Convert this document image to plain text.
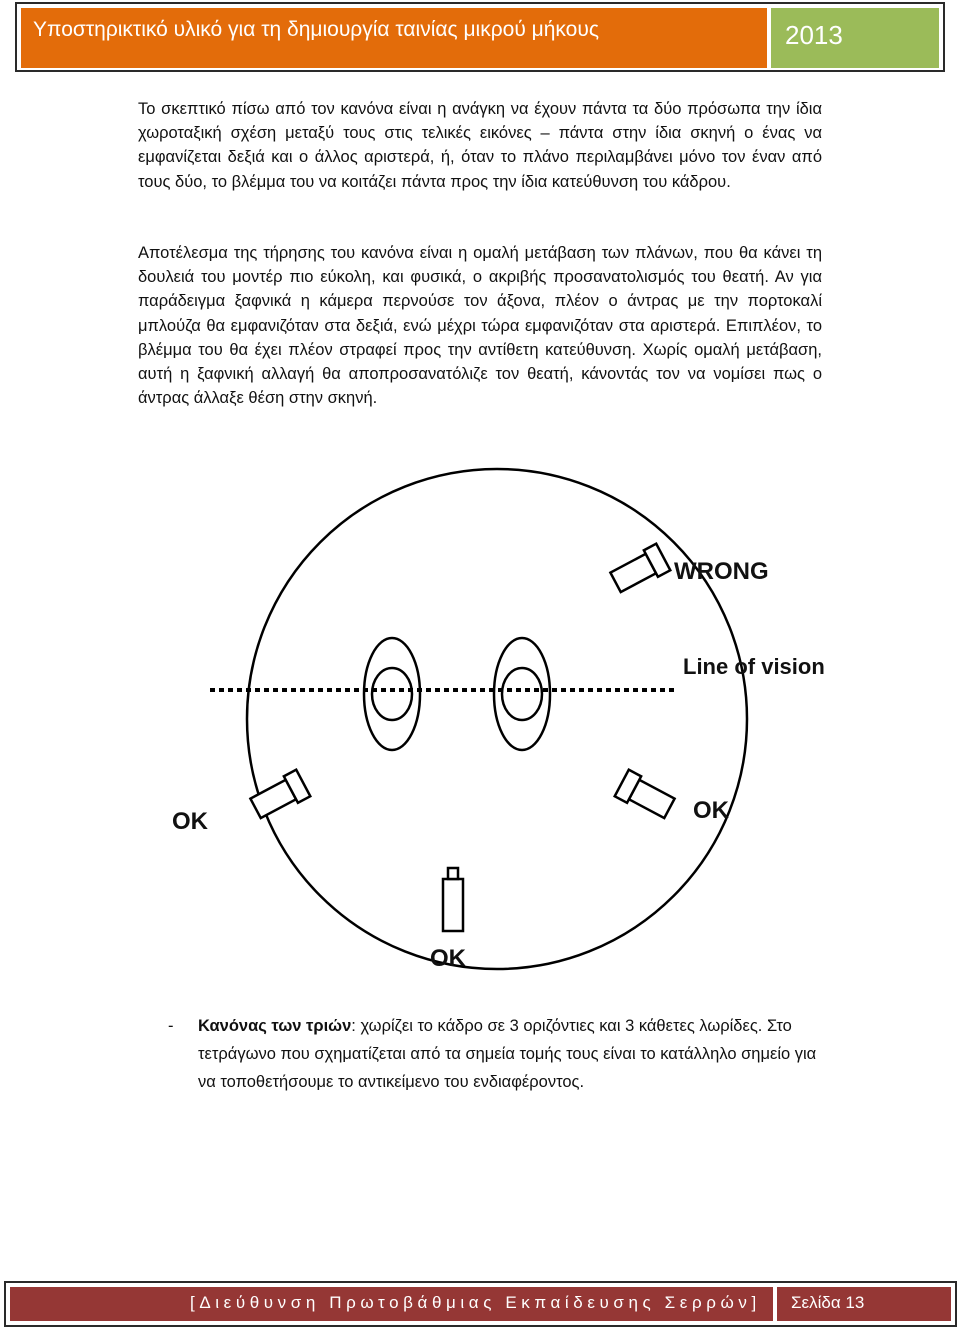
Υποστηρικτικό υλικό για τη δημιουργία ταινίας μικρού μήκους	2013
Το σκεπτικό πίσω από τον κανόνα είναι η ανάγκη να έχουν πάντα τα δύο πρόσωπα την ίδια χωροταξική σχέση μεταξύ τους στις τελικές εικόνες – πάντα στην ίδια σκηνή ο ένας να εμφανίζεται δεξιά και ο άλλος αριστερά, ή, όταν το πλάνο περιλαμβάνει μόνο τον έναν από τους δύο, το βλέμμα του να κοιτάζει πάντα προς την ίδια κατεύθυνση του κάδρου.
Αποτέλεσμα της τήρησης του κανόνα είναι η ομαλή μετάβαση των πλάνων, που θα κάνει τη δουλειά του μοντέρ πιο εύκολη, και φυσικά, ο ακριβής προσανατολισμός του θεατή. Αν για παράδειγμα ξαφνικά η κάμερα περνούσε τον άξονα, πλέον ο άντρας με την πορτοκαλί μπλούζα θα εμφανιζόταν στα δεξιά, ενώ μέχρι τώρα εμφανιζόταν στα αριστερά. Επιπλέον, το βλέμμα του θα έχει πλέον στραφεί προς την αντίθετη κατεύθυνση. Χωρίς ομαλή μετάβαση, αυτή η ξαφνική αλλαγή θα αποπροσανατόλιζε τον θεατή, κάνοντάς τον να νομίσει πως ο άντρας άλλαξε θέση στην σκηνή.
WRONG
Line of vision
OK	OK
OK
- Κανόνας των τριών: χωρίζει το κάδρο σε 3 οριζόντιες και 3 κάθετες λωρίδες. Στο τετράγωνο που σχηματίζεται από τα σημεία τομής τους είναι το κατάλληλο σημείο για να τοποθετήσουμε το αντικείμενο του ενδιαφέροντος.
[Διεύθυνση Πρωτοβάθμιας Εκπαίδευσης Σερρών] Σελίδα 13
